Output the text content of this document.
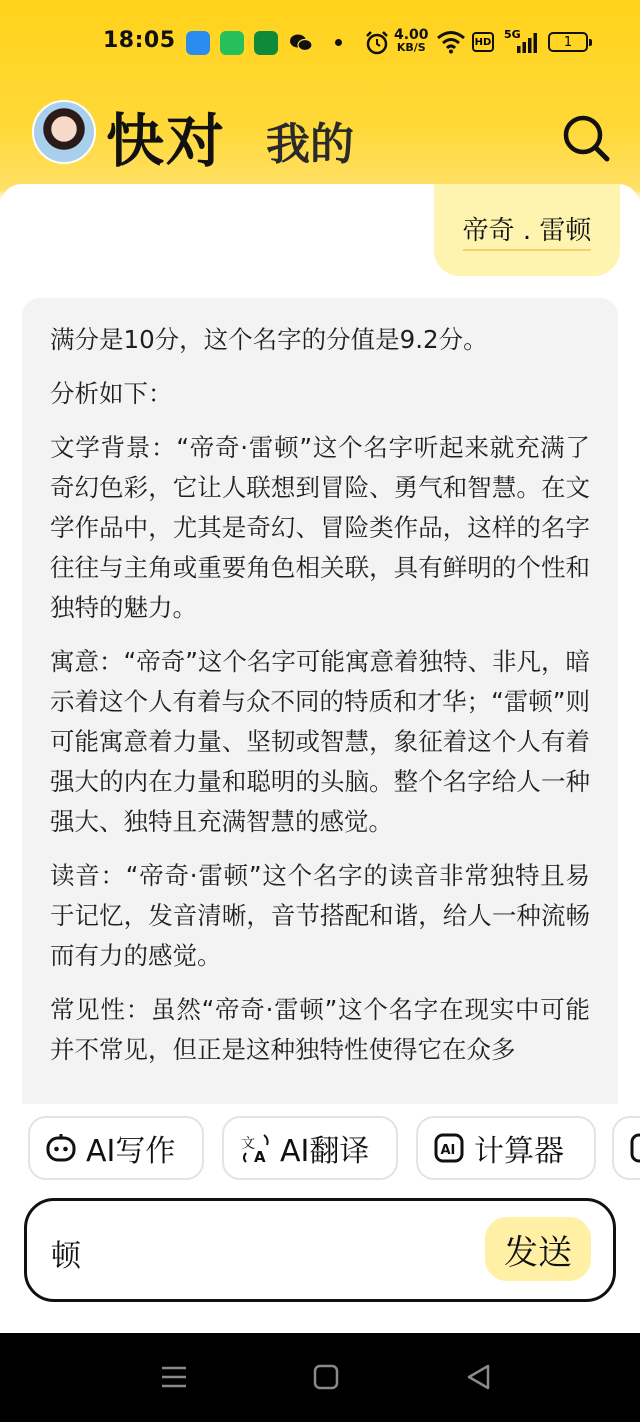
18:05	4.00
KB/S	HD
5G	1
快对 我的
帝奇 . 雷顿

满分是10分，这个名字的分值是9.2分。

分析如下：

文学背景：“帝奇·雷顿”这个名字听起来就充满了奇幻色彩，它让人联想到冒险、勇气和智慧。在文学作品中，尤其是奇幻、冒险类作品，这样的名字往往与主角或重要角色相关联，具有鲜明的个性和独特的魅力。

寓意：“帝奇”这个名字可能寓意着独特、非凡，暗示着这个人有着与众不同的特质和才华；“雷顿”则可能寓意着力量、坚韧或智慧，象征着这个人有着强大的内在力量和聪明的头脑。整个名字给人一种强大、独特且充满智慧的感觉。

读音：“帝奇·雷顿”这个名字的读音非常独特且易于记忆，发音清晰，音节搭配和谐，给人一种流畅而有力的感觉。

常见性：虽然“帝奇·雷顿”这个名字在现实中可能并不常见，但正是这种独特性使得它在众多

AI写作	文
A AI翻译	AI 计算器
顿	发送
